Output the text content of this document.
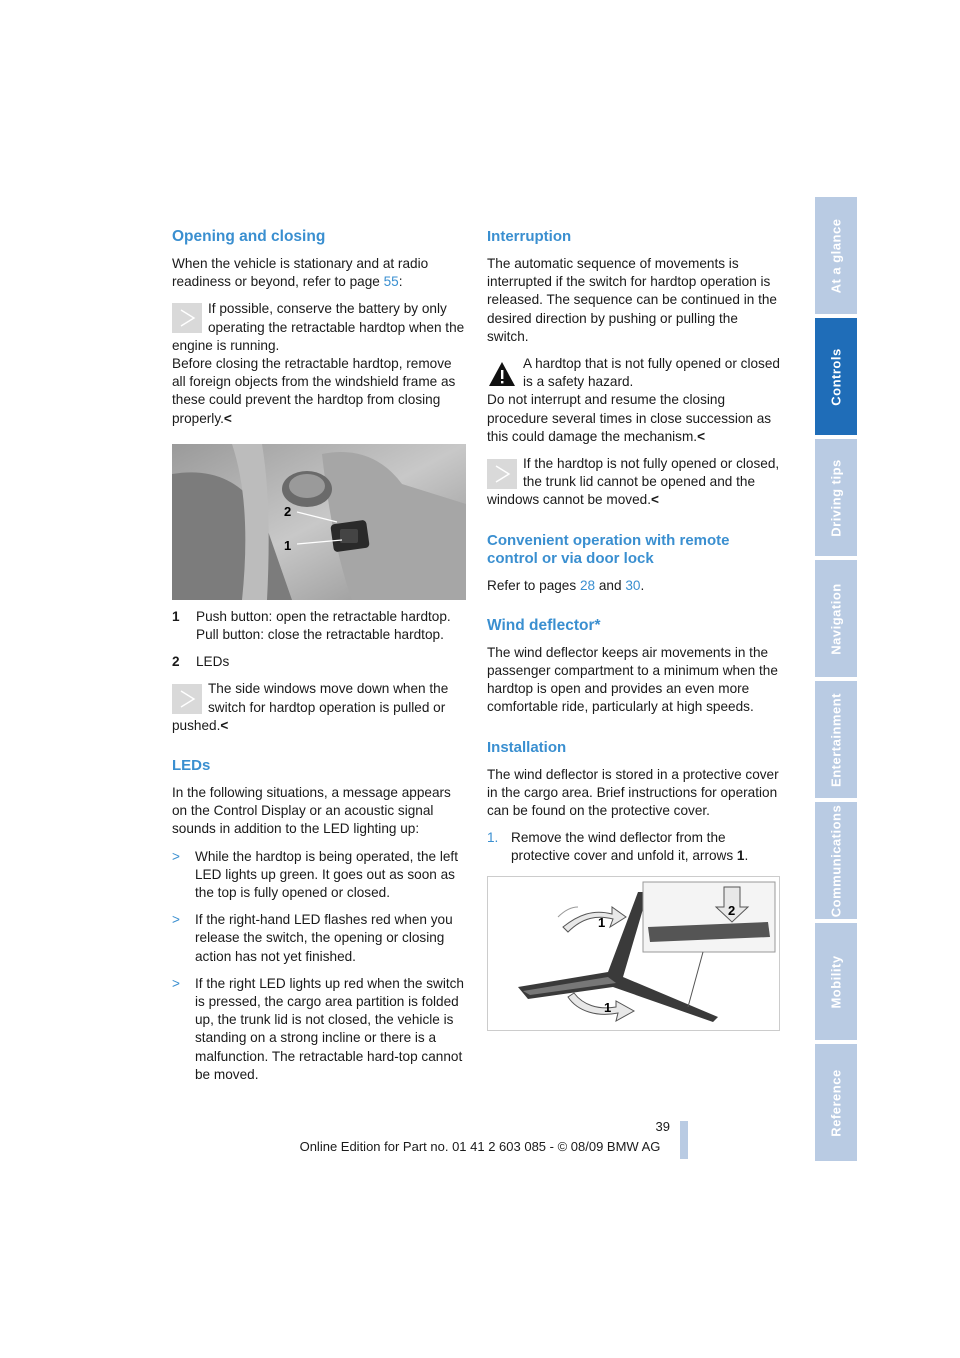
Opening and closing

When the vehicle is stationary and at radio readiness or beyond, refer to page 55:

If possible, conserve the battery by only operating the retractable hardtop when the engine is running.
Before closing the retractable hardtop, remove all foreign objects from the windshield frame as these could prevent the hardtop from closing properly.<
2
1
1	Push button: open the retractable hardtop. Pull button: close the retractable hardtop.
2	LEDs
The side windows move down when the switch for hardtop operation is pulled or pushed.<
LEDs

In the following situations, a message appears on the Control Display or an acoustic signal sounds in addition to the LED lighting up:

>	While the hardtop is being operated, the left LED lights up green. It goes out as soon as the top is fully opened or closed.
>	If the right-hand LED flashes red when you release the switch, the opening or closing action has not yet finished.
>	If the right LED lights up red when the switch is pressed, the cargo area partition is folded up, the trunk lid is not closed, the vehicle is standing on a strong incline or there is a malfunction. The retractable hard-top cannot be moved.
Interruption

The automatic sequence of movements is interrupted if the switch for hardtop operation is released. The sequence can be continued in the desired direction by pushing or pulling the switch.

A hardtop that is not fully opened or closed is a safety hazard.
Do not interrupt and resume the closing procedure several times in close succession as this could damage the mechanism.<
If the hardtop is not fully opened or closed, the trunk lid cannot be opened and the windows cannot be moved.<
Convenient operation with remote control or via door lock

Refer to pages 28 and 30.

Wind deflector*

The wind deflector keeps air movements in the passenger compartment to a minimum when the hardtop is open and provides an even more comfortable ride, particularly at high speeds.

Installation

The wind deflector is stored in a protective cover in the cargo area. Brief instructions for operation can be found on the protective cover.

1. Remove the wind deflector from the protective cover and unfold it, arrows 1.
1
1
2
At a glance
Controls
Driving tips
Navigation
Entertainment
Communications
Mobility
Reference
39
Online Edition for Part no. 01 41 2 603 085 - © 08/09 BMW AG
